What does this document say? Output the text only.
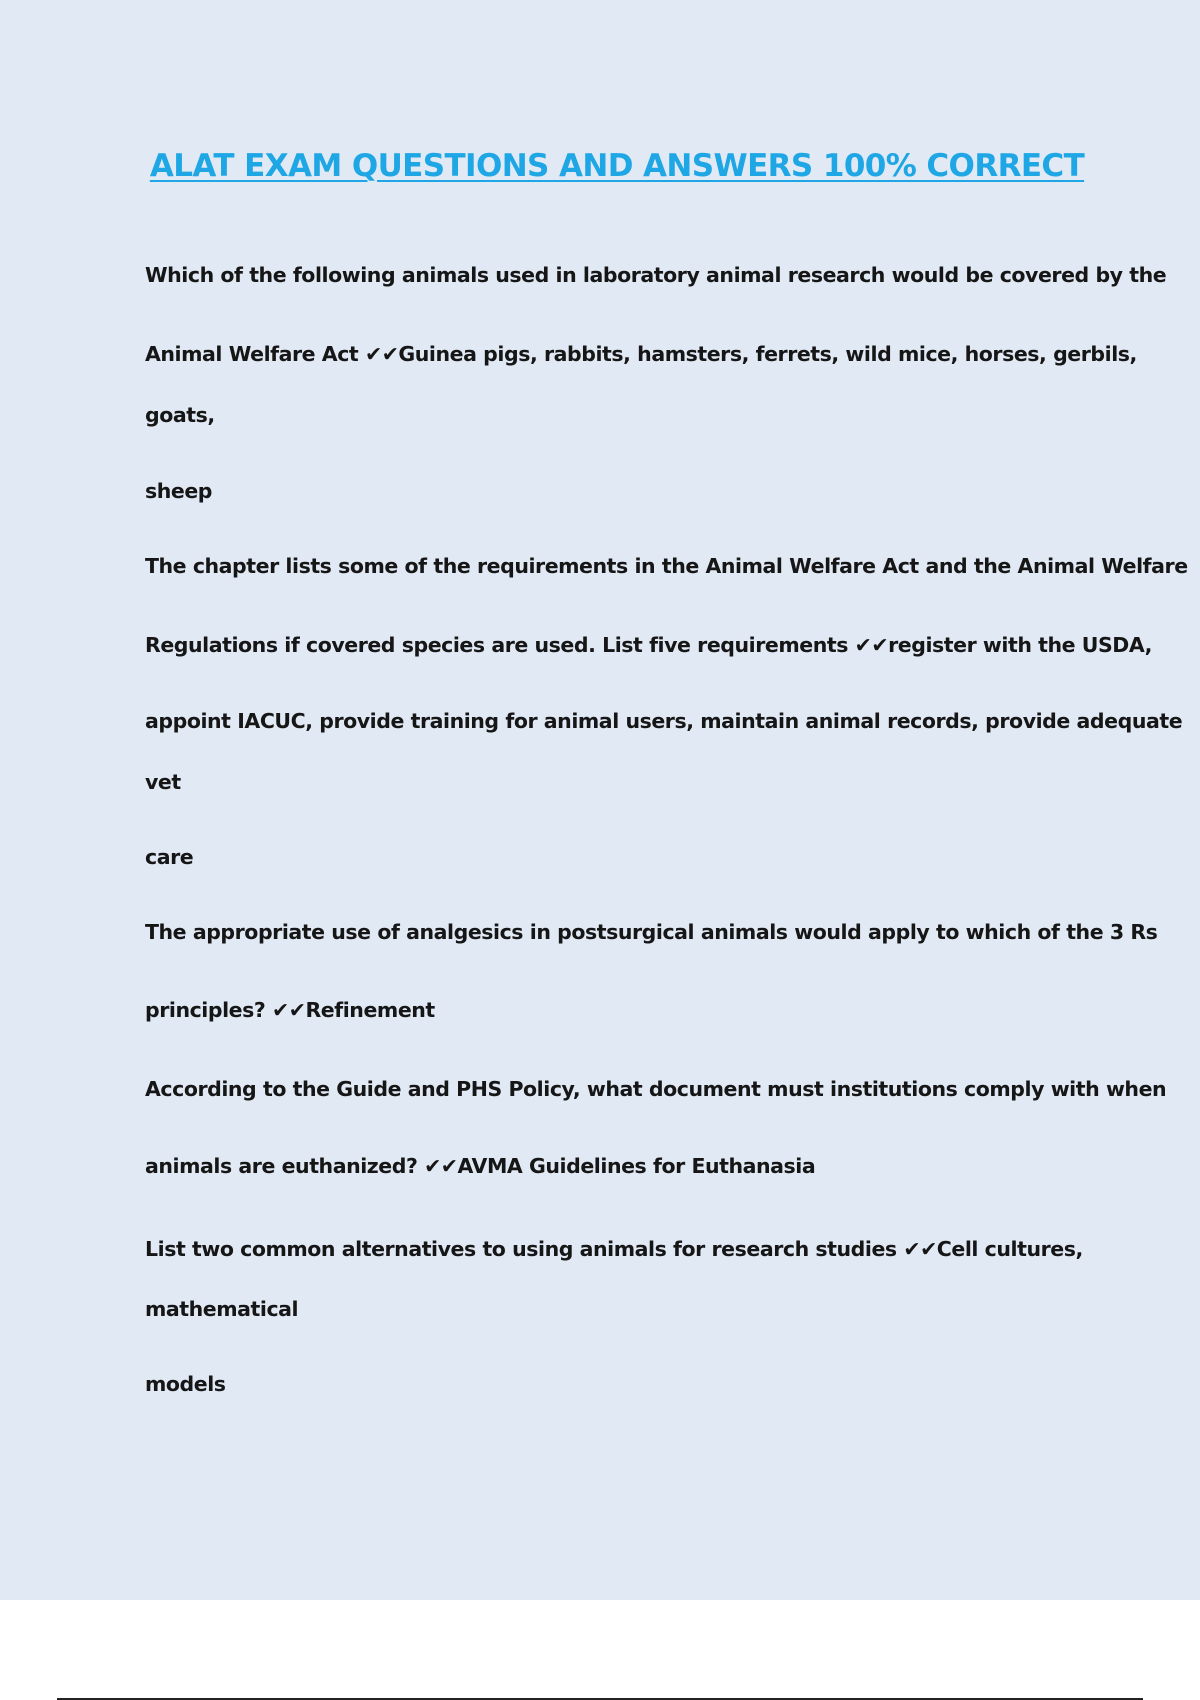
ALAT EXAM QUESTIONS AND ANSWERS 100% CORRECT
Which of the following animals used in laboratory animal research would be covered by the
Animal Welfare Act ✔✔Guinea pigs, rabbits, hamsters, ferrets, wild mice, horses, gerbils,
goats,
sheep
The chapter lists some of the requirements in the Animal Welfare Act and the Animal Welfare
Regulations if covered species are used. List five requirements ✔✔register with the USDA,
appoint IACUC, provide training for animal users, maintain animal records, provide adequate
vet
care
The appropriate use of analgesics in postsurgical animals would apply to which of the 3 Rs
principles? ✔✔Refinement
According to the Guide and PHS Policy, what document must institutions comply with when
animals are euthanized? ✔✔AVMA Guidelines for Euthanasia
List two common alternatives to using animals for research studies ✔✔Cell cultures,
mathematical
models
